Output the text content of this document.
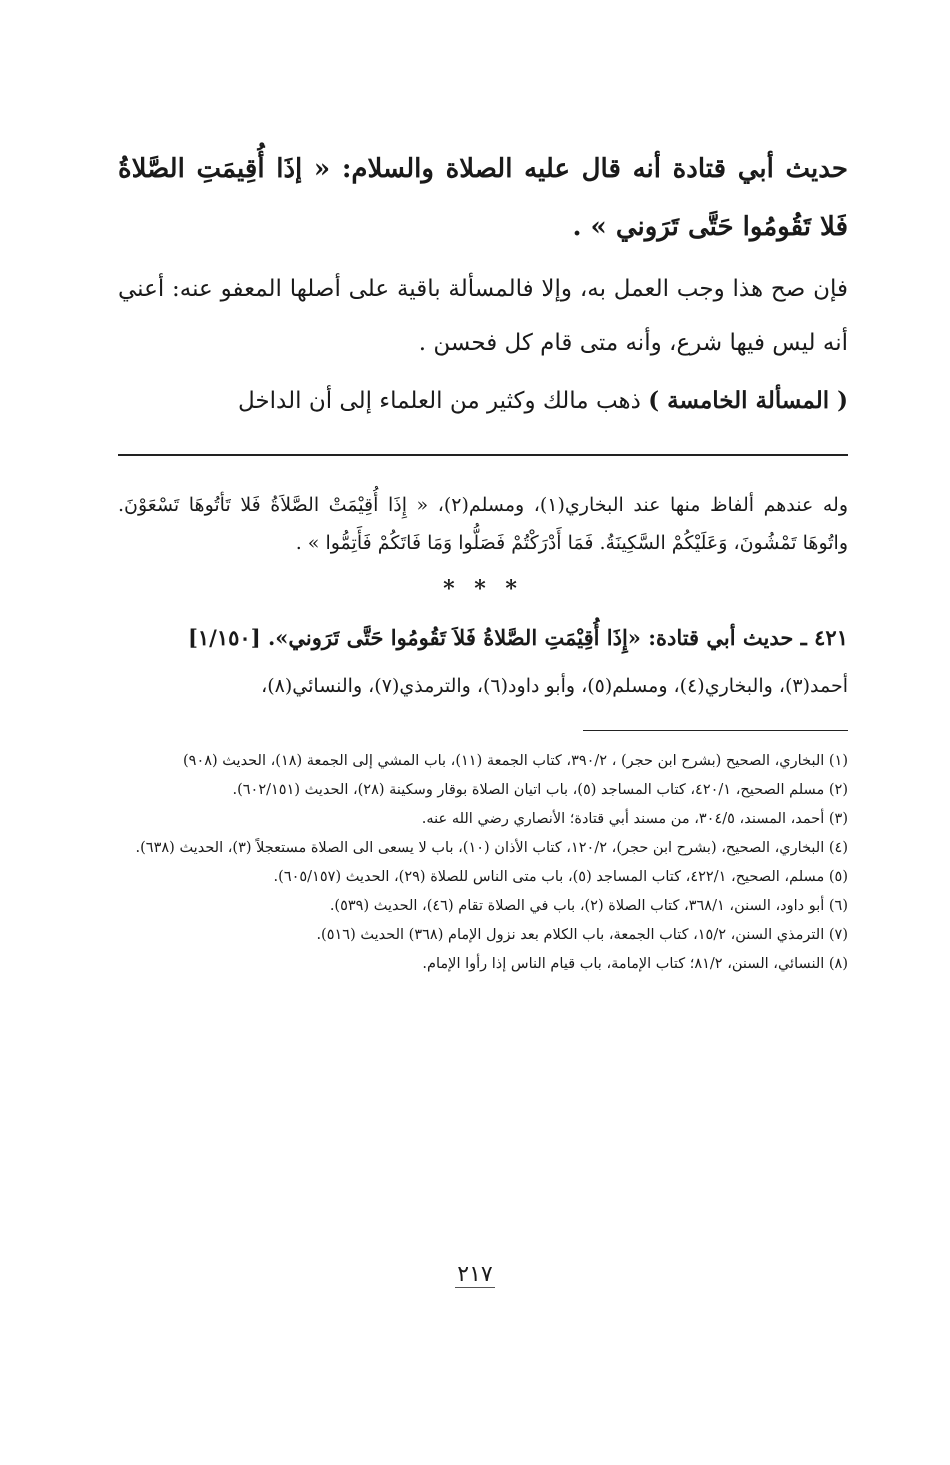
حديث أبي قتادة أنه قال عليه الصلاة والسلام: « إذَا أُقِيمَتِ الصَّلاةُ فَلا تَقُومُوا حَتَّى تَرَوني » .

فإن صح هذا وجب العمل به، وإلا فالمسألة باقية على أصلها المعفو عنه: أعني أنه ليس فيها شرع، وأنه متى قام كل فحسن .

( المسألة الخامسة ) ذهب مالك وكثير من العلماء إلى أن الداخل

وله عندهم ألفاظ منها عند البخاري(١)، ومسلم(٢)، « إِذَا أُقِيْمَتْ الصَّلاَةُ فَلا تَأتُوهَا تَسْعَوْنَ. واتُوهَا تَمْشُونَ، وَعَلَيْكُمْ السَّكِينَةُ. فَمَا أَدْرَكْتُمْ فَصَلُّوا وَمَا فَاتَكُمْ فَأَتِمُّوا » .

* * *
٤٢١ ـ حديث أبي قتادة: «إِذَا أُقِيْمَتِ الصَّلاةُ فَلاَ تَقُومُوا حَتَّى تَرَوني». [١/١٥٠]
أحمد(٣)، والبخاري(٤)، ومسلم(٥)، وأبو داود(٦)، والترمذي(٧)، والنسائي(٨)،
(١) البخاري، الصحيح (بشرح ابن حجر) ، ٣٩٠/٢، كتاب الجمعة (١١)، باب المشي إلى الجمعة (١٨)، الحديث (٩٠٨)
(٢) مسلم الصحيح، ٤٢٠/١، كتاب المساجد (٥)، باب اتيان الصلاة بوقار وسكينة (٢٨)، الحديث (٦٠٢/١٥١).
(٣) أحمد، المسند، ٣٠٤/٥، من مسند أبي قتادة؛ الأنصاري رضي الله عنه.
(٤) البخاري، الصحيح، (بشرح ابن حجر)، ١٢٠/٢، كتاب الأذان (١٠)، باب لا يسعى الى الصلاة مستعجلاً (٣)، الحديث (٦٣٨).
(٥) مسلم، الصحيح، ٤٢٢/١، كتاب المساجد (٥)، باب متى الناس للصلاة (٢٩)، الحديث (٦٠٥/١٥٧).
(٦) أبو داود، السنن، ٣٦٨/١، كتاب الصلاة (٢)، باب في الصلاة تقام (٤٦)، الحديث (٥٣٩).
(٧) الترمذي السنن، ١٥/٢، كتاب الجمعة، باب الكلام بعد نزول الإمام (٣٦٨) الحديث (٥١٦).
(٨) النسائي، السنن، ٨١/٢؛ كتاب الإمامة، باب قيام الناس إذا رأوا الإمام.
٢١٧
